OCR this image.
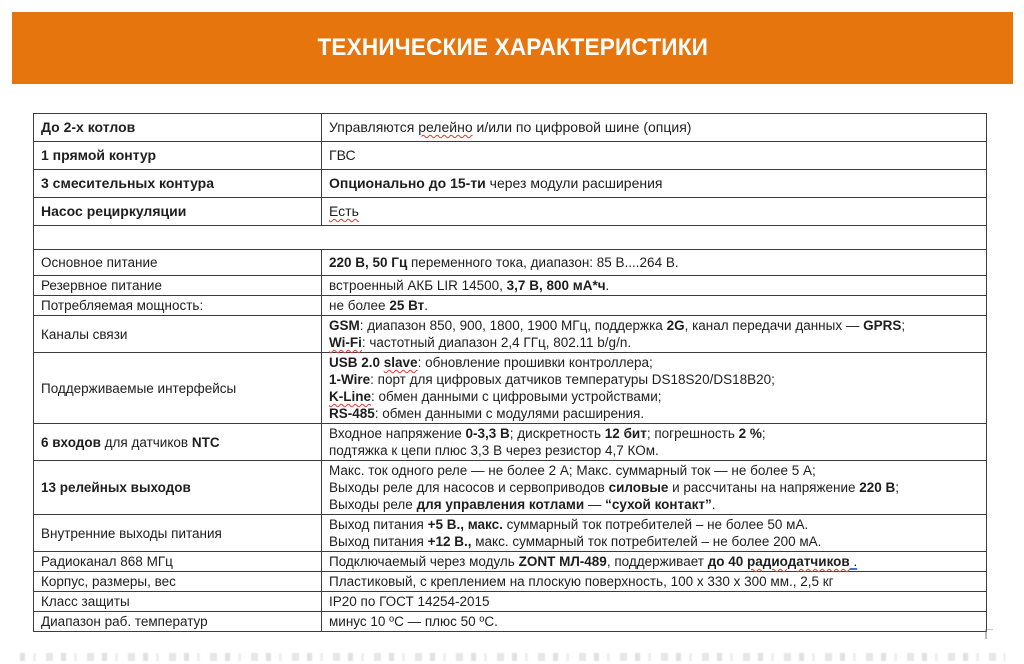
ТЕХНИЧЕСКИЕ ХАРАКТЕРИСТИКИ
До 2-х котлов	Управляются релейно и/или по цифровой шине (опция)

1 прямой контур	ГВС

3 смесительных контура	Опционально до 15-ти через модули расширения

Насос рециркуляции	Есть

Основное питание	220 В, 50 Гц переменного тока, диапазон: 85 В....264 В.

Резервное питание	встроенный АКБ LIR 14500, 3,7 В, 800 мА*ч.

Потребляемая мощность:	не более 25 Вт.

Каналы связи	GSM: диапазон 850, 900, 1800, 1900 МГц, поддержка 2G, канал передачи данных — GPRS;
Wi-Fi: частотный диапазон 2,4 ГГц, 802.11 b/g/n.

Поддерживаемые интерфейсы	USB 2.0 slave: обновление прошивки контроллера;
1-Wire: порт для цифровых датчиков температуры DS18S20/DS18B20;
K-Line: обмен данными с цифровыми устройствами;
RS-485: обмен данными с модулями расширения.

6 входов для датчиков NTC	Входное напряжение 0-3,3 В; дискретность 12 бит; погрешность 2 %;
подтяжка к цепи плюс 3,3 В через резистор 4,7 КОм.

13 релейных выходов	Макс. ток одного реле — не более 2 А; Макс. суммарный ток — не более 5 А;
Выходы реле для насосов и сервоприводов силовые и рассчитаны на напряжение 220 В;
Выходы реле для управления котлами — “сухой контакт”.

Внутренние выходы питания	Выход питания +5 В., макс. суммарный ток потребителей – не более 50 мА.
Выход питания +12 В., макс. суммарный ток потребителей – не более 200 мА.

Радиоканал 868 МГц	Подключаемый через модуль ZONT МЛ-489, поддерживает до 40 радиодатчиков .

Корпус, размеры, вес	Пластиковый, с креплением на плоскую поверхность, 100 х 330 х 300 мм., 2,5 кг

Класс защиты	IP20 по ГОСТ 14254-2015

Диапазон раб. температур	минус 10 ºС — плюс 50 ºС.
